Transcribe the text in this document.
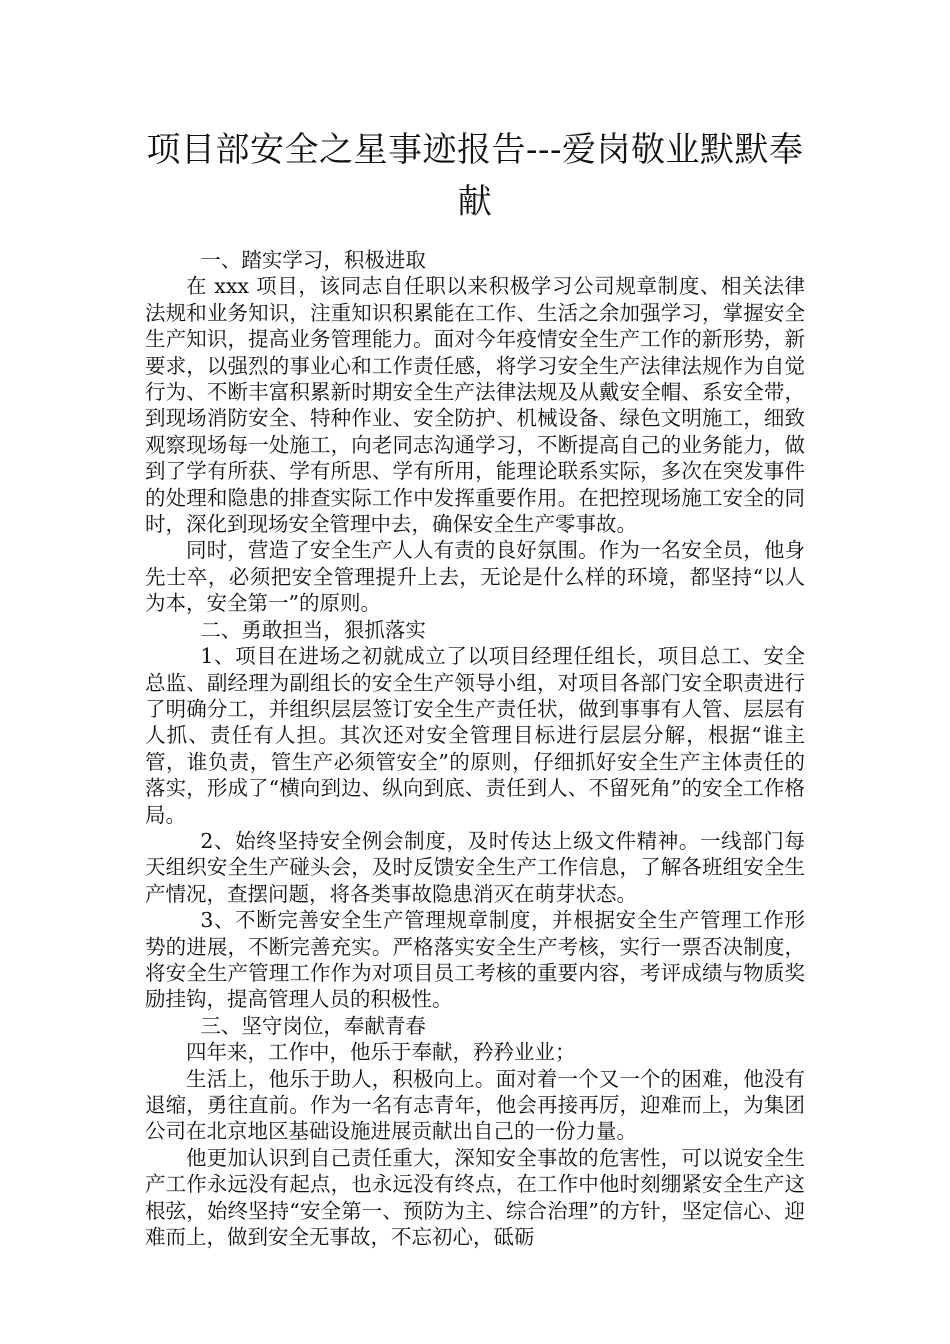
项目部安全之星事迹报告---爱岗敬业默默奉献

一、踏实学习，积极进取

在 xxx 项目，该同志自任职以来积极学习公司规章制度、相关法律法规和业务知识，注重知识积累能在工作、生活之余加强学习，掌握安全生产知识，提高业务管理能力。面对今年疫情安全生产工作的新形势，新要求，以强烈的事业心和工作责任感，将学习安全生产法律法规作为自觉行为、不断丰富积累新时期安全生产法律法规及从戴安全帽、系安全带，到现场消防安全、特种作业、安全防护、机械设备、绿色文明施工，细致观察现场每一处施工，向老同志沟通学习，不断提高自己的业务能力，做到了学有所获、学有所思、学有所用，能理论联系实际，多次在突发事件的处理和隐患的排查实际工作中发挥重要作用。在把控现场施工安全的同时，深化到现场安全管理中去，确保安全生产零事故。

同时，营造了安全生产人人有责的良好氛围。作为一名安全员，他身先士卒，必须把安全管理提升上去，无论是什么样的环境，都坚持“以人为本，安全第一”的原则。

二、勇敢担当，狠抓落实

1、项目在进场之初就成立了以项目经理任组长，项目总工、安全总监、副经理为副组长的安全生产领导小组，对项目各部门安全职责进行了明确分工，并组织层层签订安全生产责任状，做到事事有人管、层层有人抓、责任有人担。其次还对安全管理目标进行层层分解，根据“谁主管，谁负责，管生产必须管安全”的原则，仔细抓好安全生产主体责任的落实，形成了“横向到边、纵向到底、责任到人、不留死角”的安全工作格局。

2、始终坚持安全例会制度，及时传达上级文件精神。一线部门每天组织安全生产碰头会，及时反馈安全生产工作信息，了解各班组安全生产情况，查摆问题，将各类事故隐患消灭在萌芽状态。

3、不断完善安全生产管理规章制度，并根据安全生产管理工作形势的进展，不断完善充实。严格落实安全生产考核，实行一票否决制度，将安全生产管理工作作为对项目员工考核的重要内容，考评成绩与物质奖励挂钩，提高管理人员的积极性。

三、坚守岗位，奉献青春

四年来，工作中，他乐于奉献，矜矜业业；

生活上，他乐于助人，积极向上。面对着一个又一个的困难，他没有退缩，勇往直前。作为一名有志青年，他会再接再厉，迎难而上，为集团公司在北京地区基础设施进展贡献出自己的一份力量。

他更加认识到自己责任重大，深知安全事故的危害性，可以说安全生产工作永远没有起点，也永远没有终点，在工作中他时刻绷紧安全生产这根弦，始终坚持“安全第一、预防为主、综合治理”的方针，坚定信心、迎难而上，做到安全无事故，不忘初心，砥砺
